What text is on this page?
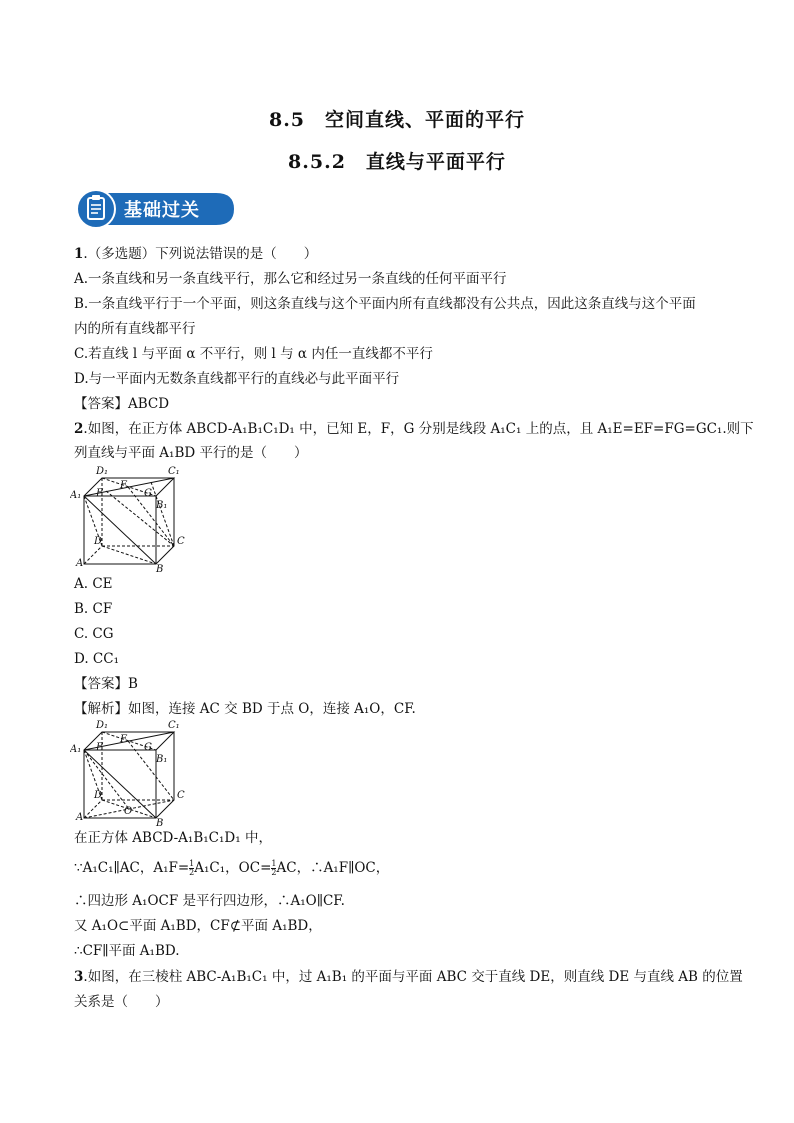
8.5　空间直线、平面的平行
8.5.2　直线与平面平行
基础过关
1.（多选题）下列说法错误的是（　　）
A.一条直线和另一条直线平行，那么它和经过另一条直线的任何平面平行
B.一条直线平行于一个平面，则这条直线与这个平面内所有直线都没有公共点，因此这条直线与这个平面
内的所有直线都平行
C.若直线 l 与平面 α 不平行，则 l 与 α 内任一直线都不平行
D.与一平面内无数条直线都平行的直线必与此平面平行
【答案】ABCD
2.如图，在正方体 ABCD-A₁B₁C₁D₁ 中，已知 E，F，G 分别是线段 A₁C₁ 上的点，且 A₁E=EF=FG=GC₁.则下
列直线与平面 A₁BD 平行的是（　　）
D₁	C₁
A₁
B₁
E
F
G
D	C
A
B
A. CE
B. CF
C. CG
D. CC₁
【答案】B
【解析】如图，连接 AC 交 BD 于点 O，连接 A₁O，CF.
D₁	C₁
A₁
B₁
E
F
G
D	C
O
A
B
在正方体 ABCD-A₁B₁C₁D₁ 中，
∵A₁C₁∥AC，$A_1F= \frac{1}{2} A_1C_1$，$OC= \frac{1}{2}$ AC，∴A₁F∥OC，
∴四边形 A₁OCF 是平行四边形，∴A₁O∥CF.
又 A₁O⊂平面 A₁BD，CF⊄平面 A₁BD，
∴CF∥平面 A₁BD.
3.如图，在三棱柱 ABC-A₁B₁C₁ 中，过 A₁B₁ 的平面与平面 ABC 交于直线 DE，则直线 DE 与直线 AB 的位置
关系是（　　）
